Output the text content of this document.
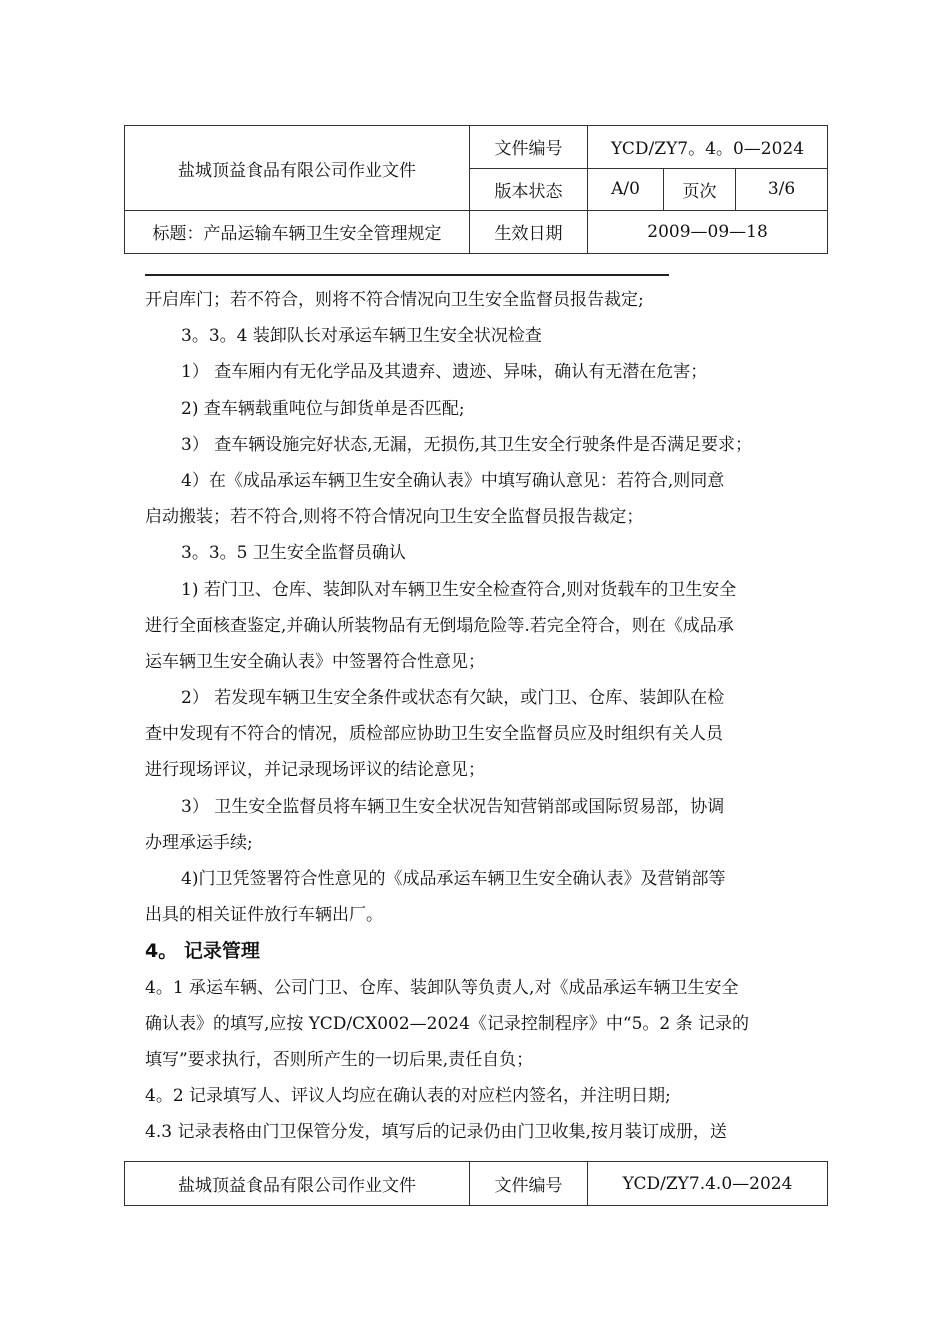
盐城顶益食品有限公司作业文件	文件编号	YCD/ZY7。4。0—2024		
	版本状态	A/0	页次	3/6
标题：产品运输车辆卫生安全管理规定	生效日期	2009—09—18		
开启库门；若不符合，则将不符合情况向卫生安全监督员报告裁定;
3。3。4 装卸队长对承运车辆卫生安全状况检查
1） 查车厢内有无化学品及其遗弃、遗迹、异味，确认有无潜在危害；
2) 查车辆载重吨位与卸货单是否匹配;
3） 查车辆设施完好状态,无漏，无损伤,其卫生安全行驶条件是否满足要求；
4）在《成品承运车辆卫生安全确认表》中填写确认意见：若符合,则同意
启动搬装；若不符合,则将不符合情况向卫生安全监督员报告裁定；
3。3。5 卫生安全监督员确认
1) 若门卫、仓库、装卸队对车辆卫生安全检查符合,则对货载车的卫生安全
进行全面核查鉴定,并确认所装物品有无倒塌危险等.若完全符合，则在《成品承
运车辆卫生安全确认表》中签署符合性意见；
2） 若发现车辆卫生安全条件或状态有欠缺，或门卫、仓库、装卸队在检
查中发现有不符合的情况，质检部应协助卫生安全监督员应及时组织有关人员
进行现场评议，并记录现场评议的结论意见；
3） 卫生安全监督员将车辆卫生安全状况告知营销部或国际贸易部，协调
办理承运手续;
4)门卫凭签署符合性意见的《成品承运车辆卫生安全确认表》及营销部等
出具的相关证件放行车辆出厂。
4。 记录管理
4。1 承运车辆、公司门卫、仓库、装卸队等负责人,对《成品承运车辆卫生安全
确认表》的填写,应按 YCD/CX002—2024《记录控制程序》中“5。2 条 记录的
填写”要求执行，否则所产生的一切后果,责任自负；
4。2 记录填写人、评议人均应在确认表的对应栏内签名，并注明日期;
4.3 记录表格由门卫保管分发，填写后的记录仍由门卫收集,按月装订成册，送
盐城顶益食品有限公司作业文件	文件编号	YCD/ZY7.4.0—2024
